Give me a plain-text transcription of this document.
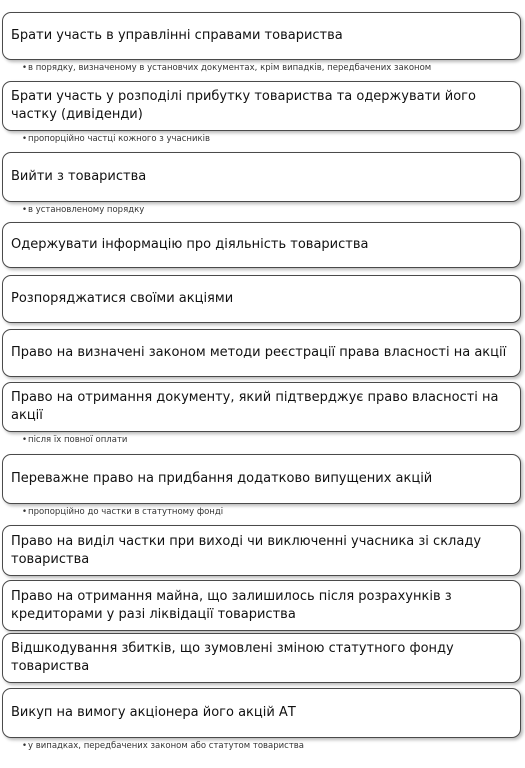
Брати участь в управлінні справами товариства
• в порядку, визначеному в установчих документах, крім випадків, передбачених законом
Брати участь у розподілі прибутку товариства та одержувати його частку (дивіденди)
• пропорційно частці кожного з учасників
Вийти з товариства
• в установленому порядку
Одержувати інформацію про діяльність товариства
Розпоряджатися своїми акціями
Право на визначені законом методи реєстрації права власності на акції
Право на отримання документу, який підтверджує право власності на акції
• після їх повної оплати
Переважне право на придбання додатково випущених акцій
• пропорційно до частки в статутному фонді
Право на виділ частки при виході чи виключенні учасника зі складу товариства
Право на отримання майна, що залишилось після розрахунків з кредиторами у разі ліквідації товариства
Відшкодування збитків, що зумовлені зміною статутного фонду товариства
Викуп на вимогу акціонера його акцій АТ
• у випадках, передбачених законом або статутом товариства
